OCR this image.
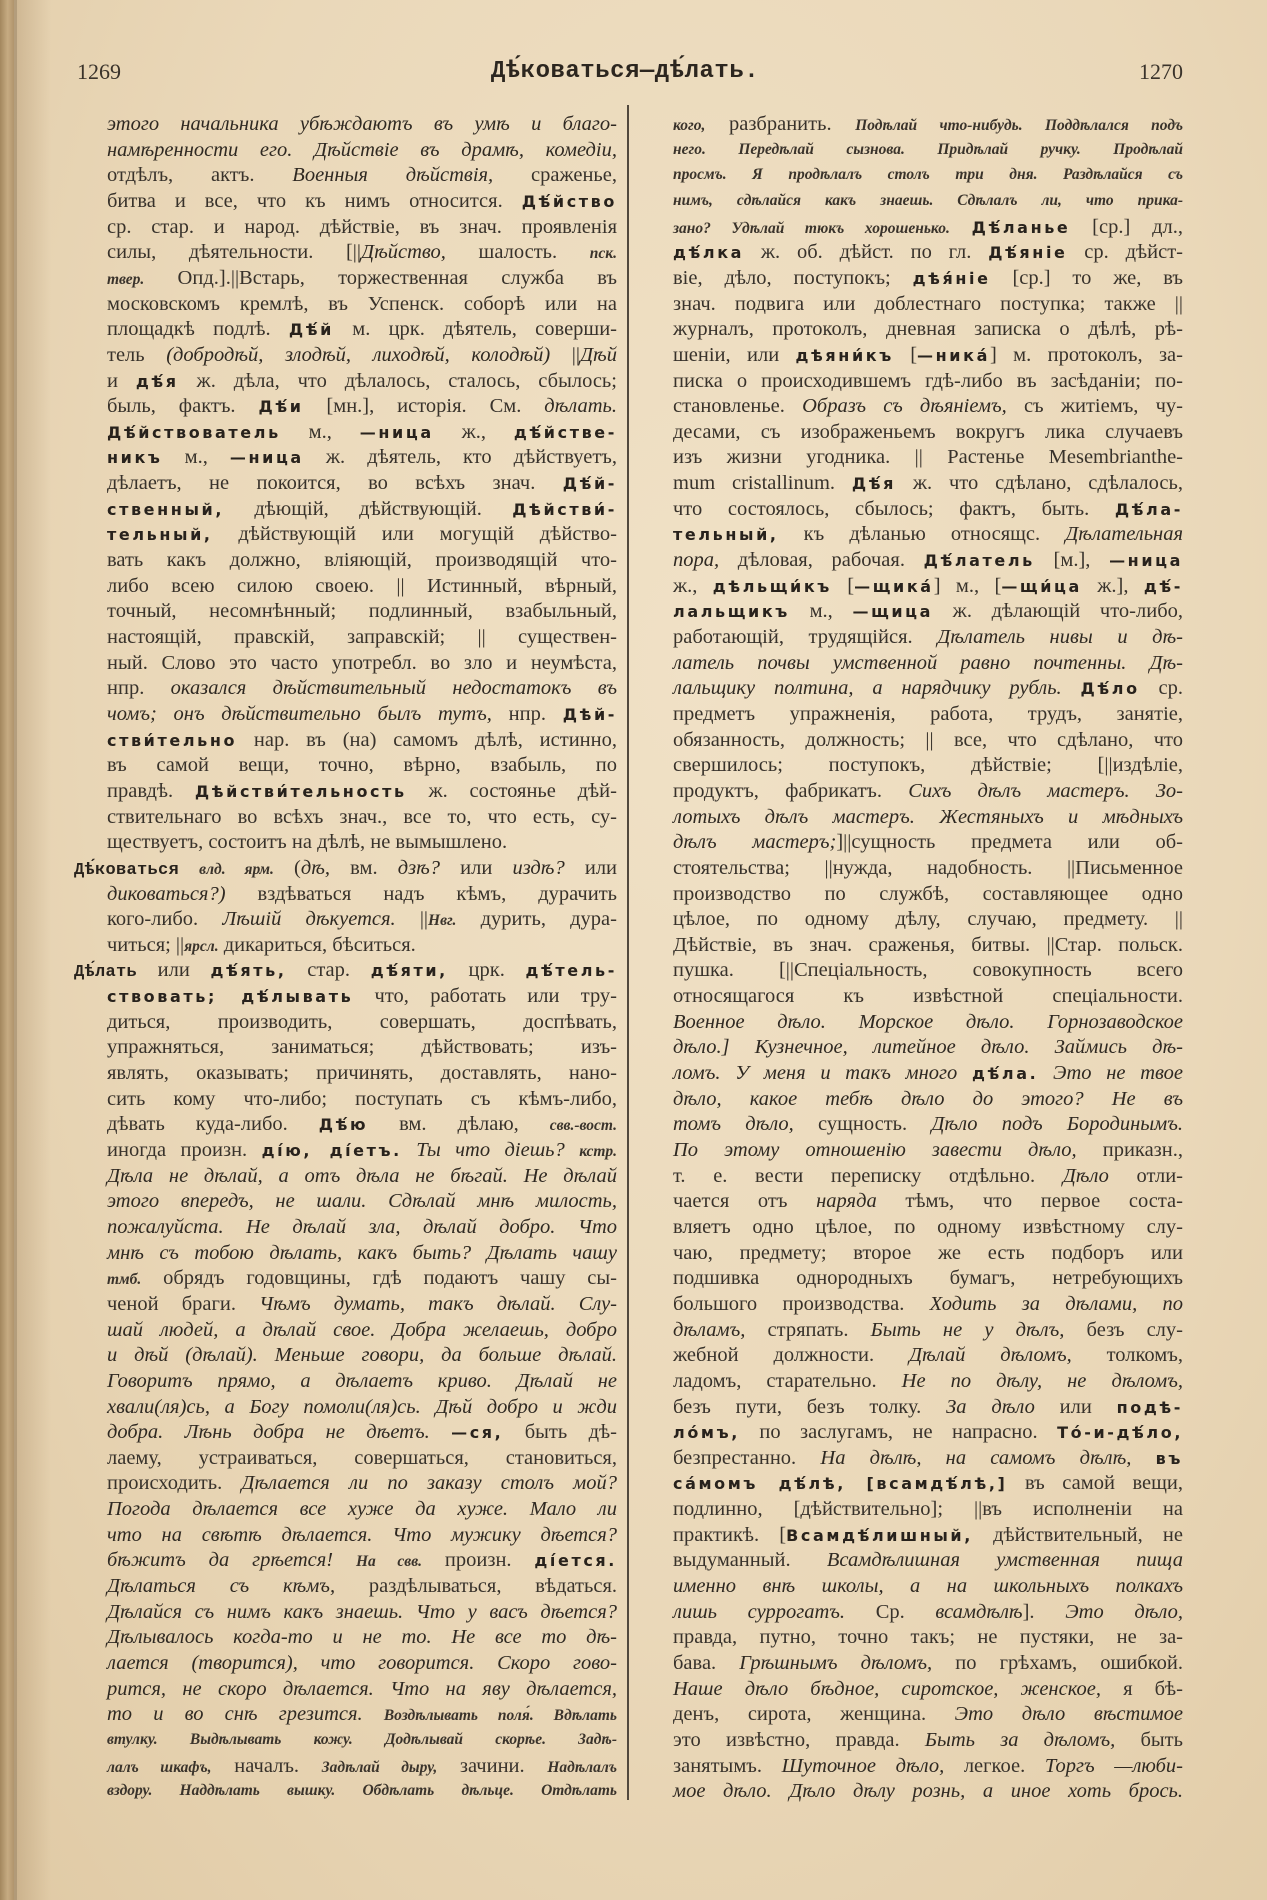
1269	Дѣ́коваться—дѣ́лать.	1270
этого начальника убѣждаютъ въ умѣ и благо-
намѣренности его. Дѣйствіе въ драмѣ, комедіи,
отдѣлъ, актъ. Военныя дѣйствія, сраженье,
битва и все, что къ нимъ относится. Дѣ́йство
ср. стар. и народ. дѣйствіе, въ знач. проявленія
силы, дѣятельности. [||Дѣйство, шалость. пск.
твер. Опд.].||Встарь, торжественная служба въ
московскомъ кремлѣ, въ Успенск. соборѣ или на
площадкѣ подлѣ. Дѣ́й м. црк. дѣятель, соверши-
тель (добродѣй, злодѣй, лиходѣй, колодѣй) ||Дѣй
и дѣ́я ж. дѣла, что дѣлалось, сталось, сбылось;
быль, фактъ. Дѣ́и [мн.], исторія. См. дѣлать.
Дѣ́йствователь м., —ница ж., дѣ́йстве-
никъ м., —ница ж. дѣятель, кто дѣйствуетъ,
дѣлаетъ, не покоится, во всѣхъ знач. Дѣ́й-
ственный, дѣющій, дѣйствующій. Дѣйстви́-
тельный, дѣйствующій или могущій дѣйство-
вать какъ должно, вліяющій, производящій что-
либо всею силою своею. || Истинный, вѣрный,
точный, несомнѣнный; подлинный, взабыльный,
настоящій, правскій, заправскій; || существен-
ный. Слово это часто употребл. во зло и неумѣста,
нпр. оказался дѣйствительный недостатокъ въ
чомъ; онъ дѣйствительно былъ тутъ, нпр. Дѣй-
стви́тельно нар. въ (на) самомъ дѣлѣ, истинно,
въ самой вещи, точно, вѣрно, взабыль, по
правдѣ. Дѣйстви́тельность ж. состоянье дѣй-
ствительнаго во всѣхъ знач., все то, что есть, су-
ществуетъ, состоитъ на дѣлѣ, не вымышлено.
Дѣ́коваться влд. ярм. (дѣ, вм. дзѣ? или издѣ? или
диковаться?) вздѣваться надъ кѣмъ, дурачить
кого-либо. Лѣшій дѣкуется. ||Нвг. дурить, дура-
читься; ||ярсл. дикариться, бѣситься.
Дѣ́лать или дѣ́ять, стар. дѣ́яти, црк. дѣ́тель-
ствовать; дѣ́лывать что, работать или тру-
диться, производить, совершать, доспѣвать,
упражняться, заниматься; дѣйствовать; изъ-
являть, оказывать; причинять, доставлять, нано-
сить кому что-либо; поступать съ кѣмъ-либо,
дѣвать куда-либо. Дѣ́ю вм. дѣлаю, свв.-вост.
иногда произн. ді́ю, ді́етъ. Ты что діешь? кстр.
Дѣла не дѣлай, а отъ дѣла не бѣгай. Не дѣлай
этого впередъ, не шали. Сдѣлай мнѣ милость,
пожалуйста. Не дѣлай зла, дѣлай добро. Что
мнѣ съ тобою дѣлать, какъ быть? Дѣлать чашу
тмб. обрядъ годовщины, гдѣ подаютъ чашу сы-
ченой браги. Чѣмъ думать, такъ дѣлай. Слу-
шай людей, а дѣлай свое. Добра желаешь, добро
и дѣй (дѣлай). Меньше говори, да больше дѣлай.
Говоритъ прямо, а дѣлаетъ криво. Дѣлай не
хвали(ля)сь, а Богу помоли(ля)сь. Дѣй добро и жди
добра. Лѣнь добра не дѣетъ. —ся, быть дѣ-
лаему, устраиваться, совершаться, становиться,
происходить. Дѣлается ли по заказу столъ мой?
Погода дѣлается все хуже да хуже. Мало ли
что на свѣтѣ дѣлается. Что мужику дѣется?
бѣжитъ да грѣется! На свв. произн. ді́ется.
Дѣлаться съ кѣмъ, раздѣлываться, вѣдаться.
Дѣлайся съ нимъ какъ знаешь. Что у васъ дѣется?
Дѣлывалось когда-то и не то. Не все то дѣ-
лается (творится), что говорится. Скоро гово-
рится, не скоро дѣлается. Что на яву дѣлается,
то и во снѣ грезится. Воздѣлывать поля́. Вдѣлать
втулку. Выдѣлывать кожу. Додѣлывай скорѣе. Задѣ-
лалъ шкафъ, началъ. Задѣлай дыру, зачини. Надѣлалъ
вздору. Наддѣлать вышку. Обдѣлать дѣльце. Отдѣлать
кого, разбранить. Подѣлай что-нибудь. Поддѣлался подъ
него. Передѣлай сызнова. Придѣлай ручку. Продѣлай
просмъ. Я продѣлалъ столъ три дня. Раздѣлайся съ
нимъ, сдѣлайся какъ знаешь. Сдѣлалъ ли, что прика-
зано? Удѣлай тюкъ хорошенько. Дѣ́ланье [ср.] дл.,
дѣ́лка ж. об. дѣйст. по гл. Дѣ́яніе ср. дѣйст-
віе, дѣло, поступокъ; дѣя́ніе [ср.] то же, въ
знач. подвига или доблестнаго поступка; также ||
журналъ, протоколъ, дневная записка о дѣлѣ, рѣ-
шеніи, или дѣяни́къ [—ника́] м. протоколъ, за-
писка о происходившемъ гдѣ-либо въ засѣданіи; по-
становленье. Образъ съ дѣяніемъ, съ житіемъ, чу-
десами, съ изображеньемъ вокругъ лика случаевъ
изъ жизни угодника. || Растенье Mesembrianthe-
mum cristallinum. Дѣ́я ж. что сдѣлано, сдѣлалось,
что состоялось, сбылось; фактъ, быть. Дѣ́ла-
тельный, къ дѣланью относящс. Дѣлательная
пора, дѣловая, рабочая. Дѣ́латель [м.], —ница
ж., дѣльщи́къ [—щика́] м., [—щи́ца ж.], дѣ́-
лальщикъ м., —щица ж. дѣлающій что-либо,
работающій, трудящійся. Дѣлатель нивы и дѣ-
латель почвы умственной равно почтенны. Дѣ-
лальщику полтина, а нарядчику рубль. Дѣ́ло ср.
предметъ упражненія, работа, трудъ, занятіе,
обязанность, должность; || все, что сдѣлано, что
свершилось; поступокъ, дѣйствіе; [||издѣліе,
продуктъ, фабрикатъ. Сихъ дѣлъ мастеръ. Зо-
лотыхъ дѣлъ мастеръ. Жестяныхъ и мѣдныхъ
дѣлъ мастеръ;]||сущность предмета или об-
стоятельства; ||нужда, надобность. ||Письменное
производство по службѣ, составляющее одно
цѣлое, по одному дѣлу, случаю, предмету. ||
Дѣйствіе, въ знач. сраженья, битвы. ||Стар. польск.
пушка. [||Спеціальность, совокупность всего
относящагося къ извѣстной спеціальности.
Военное дѣло. Морское дѣло. Горнозаводское
дѣло.] Кузнечное, литейное дѣло. Займись дѣ-
ломъ. У меня и такъ много дѣ́ла. Это не твое
дѣло, какое тебѣ дѣло до этого? Не въ
томъ дѣло, сущность. Дѣло подъ Бородинымъ.
По этому отношенію завести дѣло, приказн.,
т. е. вести переписку отдѣльно. Дѣло отли-
чается отъ наряда тѣмъ, что первое соста-
вляетъ одно цѣлое, по одному извѣстному слу-
чаю, предмету; второе же есть подборъ или
подшивка однородныхъ бумагъ, нетребующихъ
большого производства. Ходить за дѣлами, по
дѣламъ, стряпать. Быть не у дѣлъ, безъ слу-
жебной должности. Дѣлай дѣломъ, толкомъ,
ладомъ, старательно. Не по дѣлу, не дѣломъ,
безъ пути, безъ толку. За дѣло или подѣ-
ло́мъ, по заслугамъ, не напрасно. То́-и-дѣ́ло,
безпрестанно. На дѣлѣ, на самомъ дѣлѣ, въ
са́момъ дѣ́лѣ, [всамдѣ́лѣ,] въ самой вещи,
подлинно, [дѣйствительно]; ||въ исполненіи на
практикѣ. [Всамдѣ́лишный, дѣйствительный, не
выдуманный. Всамдѣлишная умственная пища
именно внѣ школы, а на школьныхъ полкахъ
лишь суррогатъ. Ср. всамдѣлѣ]. Это дѣло,
правда, путно, точно такъ; не пустяки, не за-
бава. Грѣшнымъ дѣломъ, по грѣхамъ, ошибкой.
Наше дѣло бѣдное, сиротское, женское, я бѣ-
денъ, сирота, женщина. Это дѣло вѣстимое
это извѣстно, правда. Быть за дѣломъ, быть
занятымъ. Шуточное дѣло, легкое. Торгъ —люби-
мое дѣло. Дѣло дѣлу рознь, а иное хоть брось.
